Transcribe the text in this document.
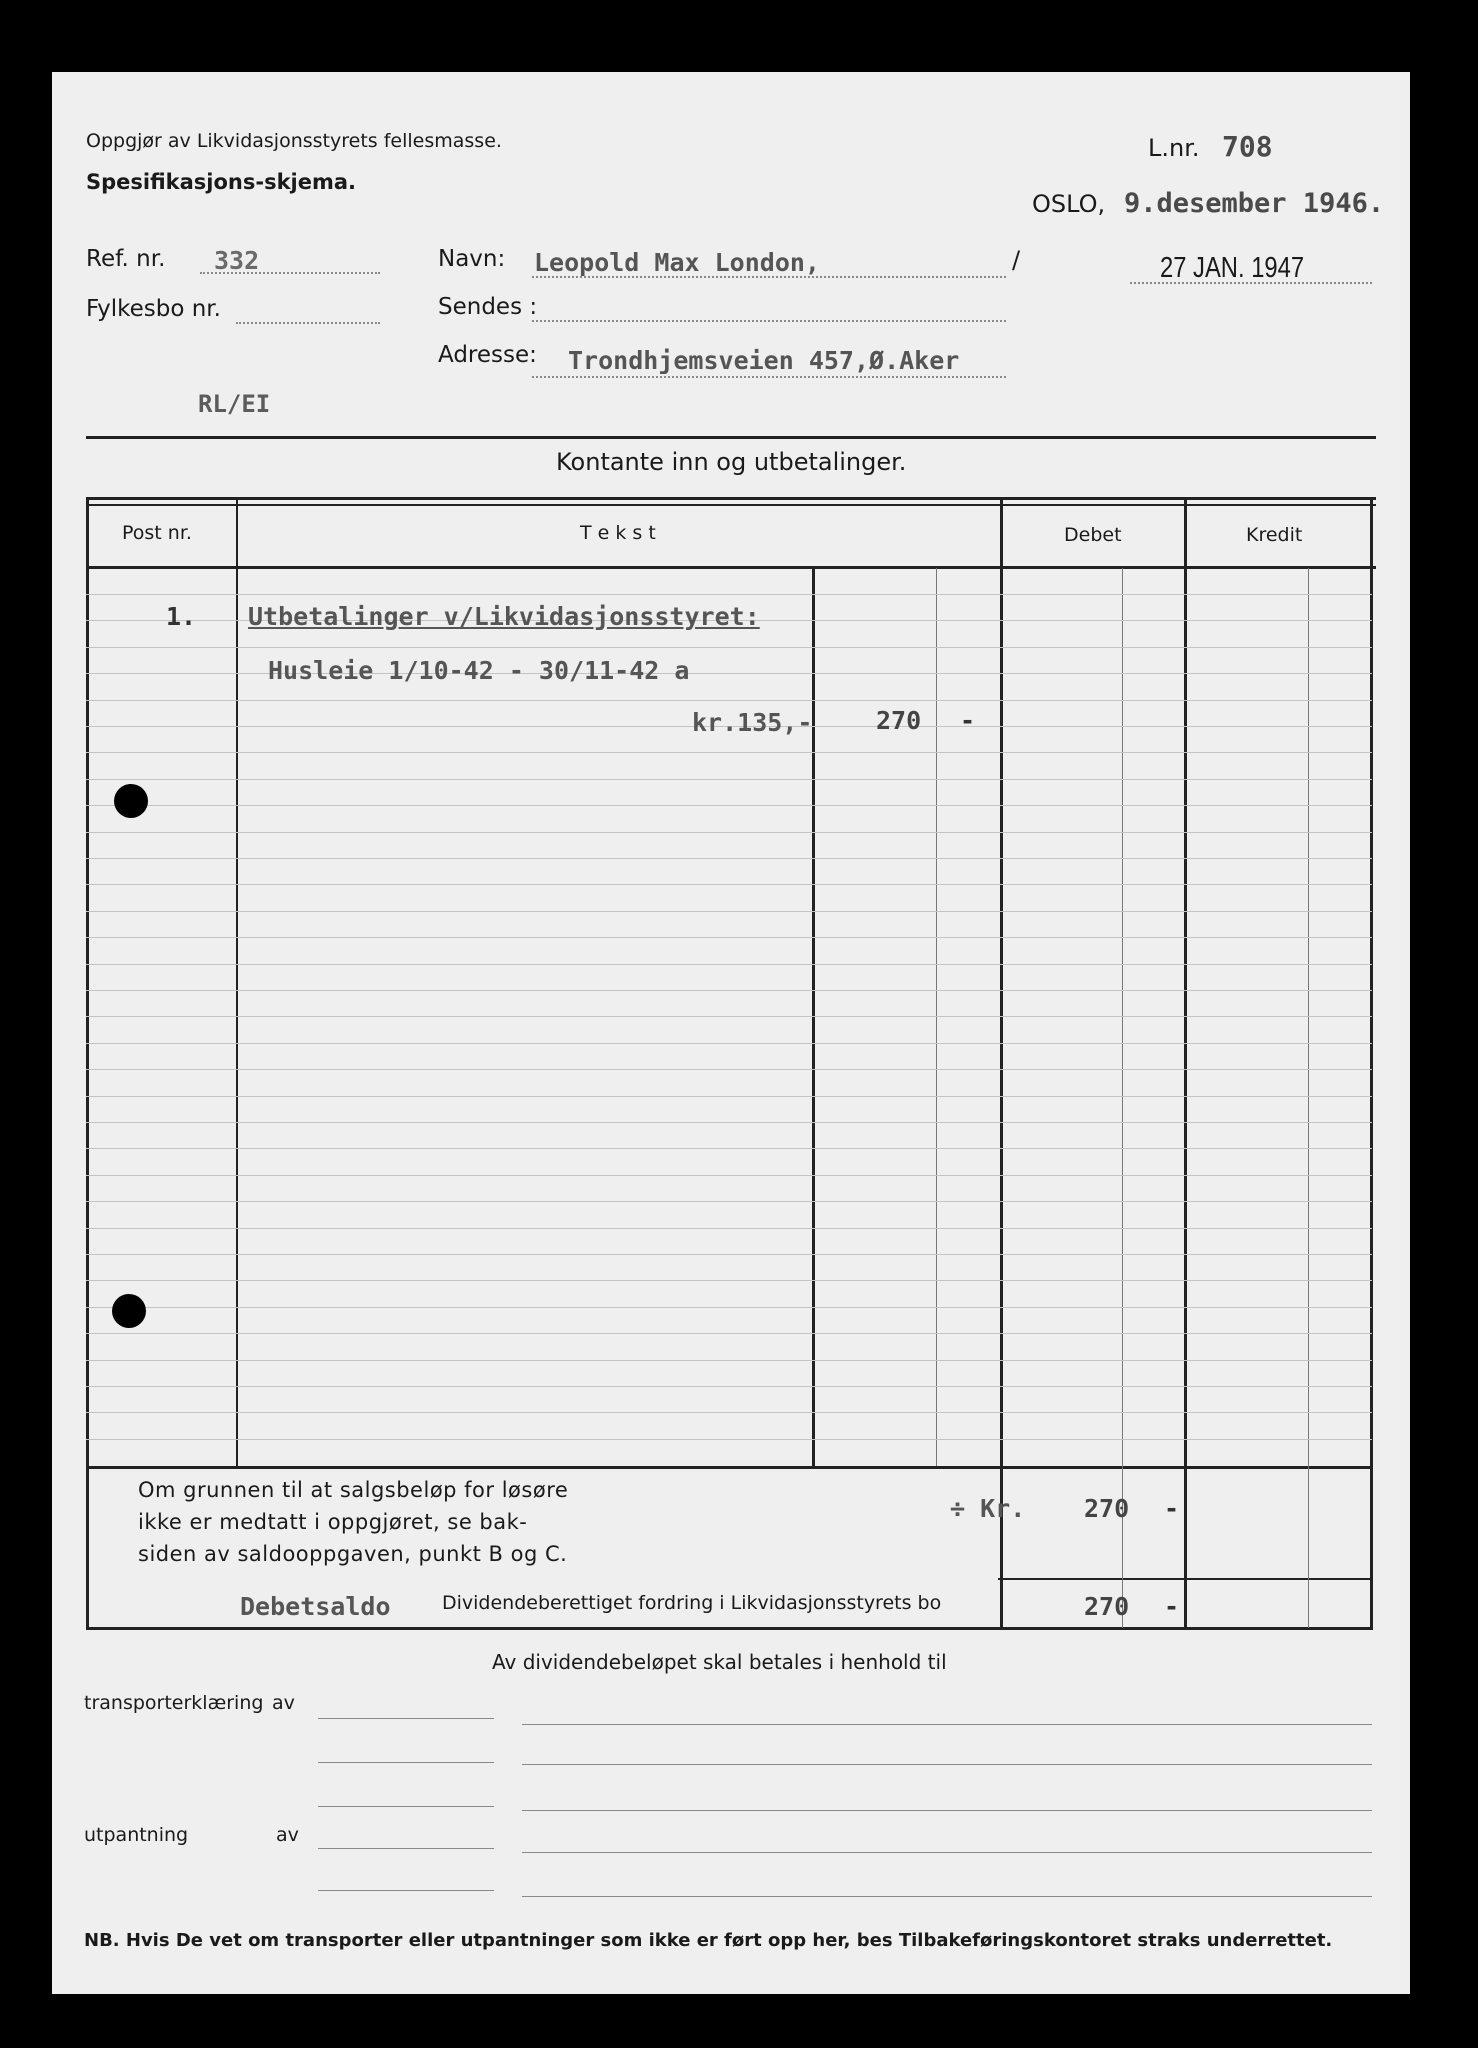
Oppgjør av Likvidasjonsstyrets fellesmasse.
Spesifikasjons-skjema.
L.nr. 708
OSLO, 9.desember 1946.
Ref. nr. 332
Fylkesbo nr.
Navn: Leopold Max London,	/	27 JAN. 1947
Sendes :
Adresse: Trondhjemsveien 457,Ø.Aker
RL/EI
Kontante inn og utbetalinger.
Post nr.	T e k s t	Debet	Kredit
1. Utbetalinger v/Likvidasjonsstyret:
Husleie 1/10-42 - 30/11-42 a
kr.135,-	270 -
Om grunnen til at salgsbeløp for løsøre
ikke er medtatt i oppgjøret, se bak-
siden av saldooppgaven, punkt B og C.
÷ Kr. 270 -
Debetsaldo	Dividendeberettiget fordring i Likvidasjonsstyrets bo	270 -
Av dividendebeløpet skal betales i henhold til
transporterklæring av
utpantning	av
NB. Hvis De vet om transporter eller utpantninger som ikke er ført opp her, bes Tilbakeføringskontoret straks underrettet.
